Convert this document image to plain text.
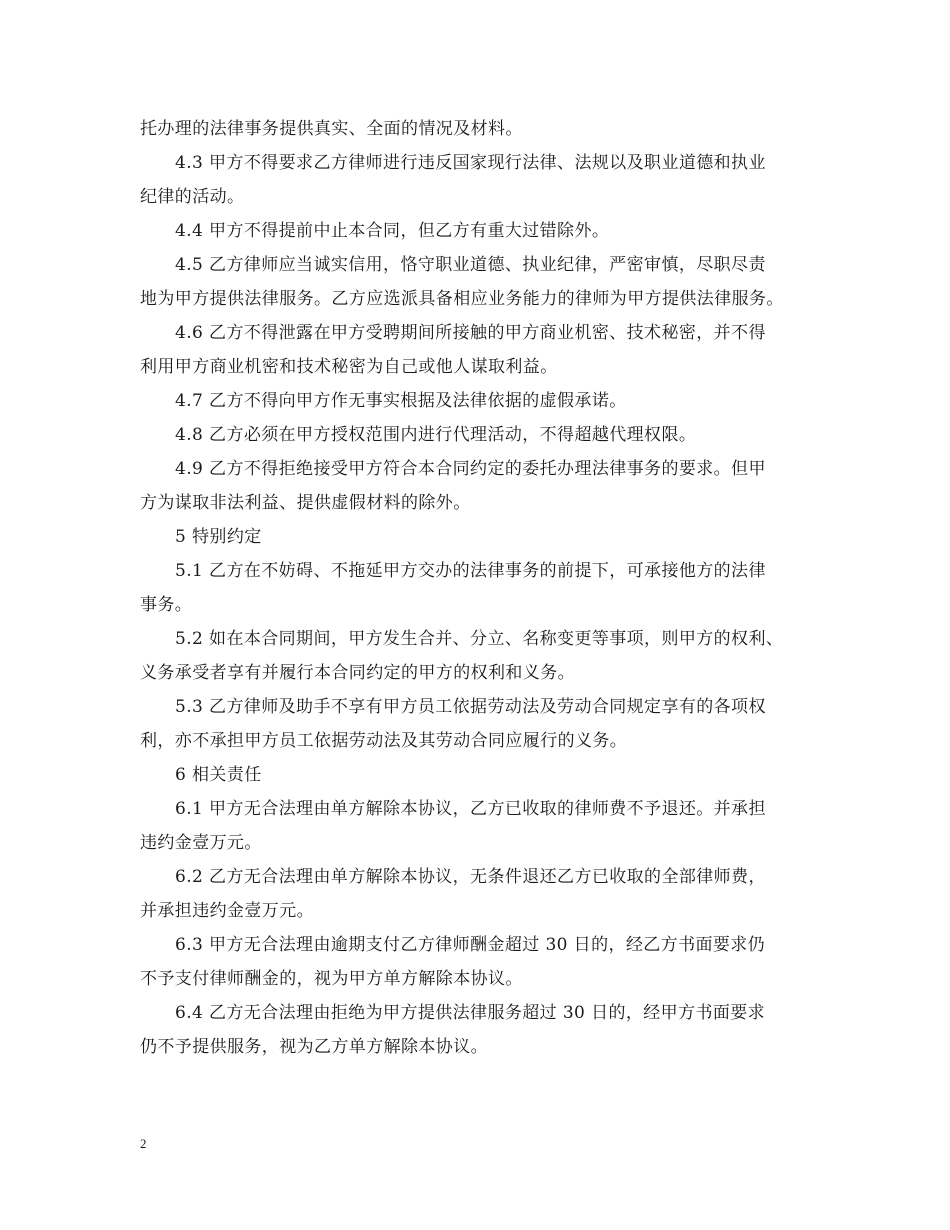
托办理的法律事务提供真实、全面的情况及材料。
4.3 甲方不得要求乙方律师进行违反国家现行法律、法规以及职业道德和执业
纪律的活动。
4.4 甲方不得提前中止本合同，但乙方有重大过错除外。
4.5 乙方律师应当诚实信用，恪守职业道德、执业纪律，严密审慎，尽职尽责
地为甲方提供法律服务。乙方应选派具备相应业务能力的律师为甲方提供法律服务。
4.6 乙方不得泄露在甲方受聘期间所接触的甲方商业机密、技术秘密，并不得
利用甲方商业机密和技术秘密为自己或他人谋取利益。
4.7 乙方不得向甲方作无事实根据及法律依据的虚假承诺。
4.8 乙方必须在甲方授权范围内进行代理活动，不得超越代理权限。
4.9 乙方不得拒绝接受甲方符合本合同约定的委托办理法律事务的要求。但甲
方为谋取非法利益、提供虚假材料的除外。
5 特别约定
5.1 乙方在不妨碍、不拖延甲方交办的法律事务的前提下，可承接他方的法律
事务。
5.2 如在本合同期间，甲方发生合并、分立、名称变更等事项，则甲方的权利、
义务承受者享有并履行本合同约定的甲方的权利和义务。
5.3 乙方律师及助手不享有甲方员工依据劳动法及劳动合同规定享有的各项权
利，亦不承担甲方员工依据劳动法及其劳动合同应履行的义务。
6 相关责任
6.1 甲方无合法理由单方解除本协议，乙方已收取的律师费不予退还。并承担
违约金壹万元。
6.2 乙方无合法理由单方解除本协议，无条件退还乙方已收取的全部律师费，
并承担违约金壹万元。
6.3 甲方无合法理由逾期支付乙方律师酬金超过 30 日的，经乙方书面要求仍
不予支付律师酬金的，视为甲方单方解除本协议。
6.4 乙方无合法理由拒绝为甲方提供法律服务超过 30 日的，经甲方书面要求
仍不予提供服务，视为乙方单方解除本协议。
2
